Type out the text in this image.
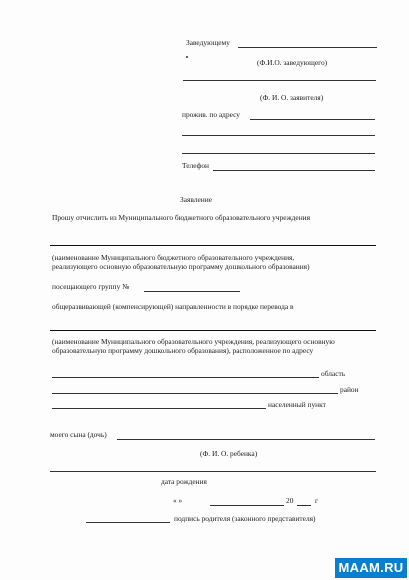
Заведующему
(Ф.И.О. заведующего)
(Ф. И. О. заявителя)
прожив. по адресу
Телефон
Заявление
Прошу отчислить из Муниципального бюджетного образовательного учреждения
(наименование Муниципального бюджетного образовательного учреждения,
реализующего основную образовательную программу дошкольного образования)
посещающего группу №
общеразвивающей (компенсирующей) направленности в порядке перевода в
(наименование Муниципального образовательного учреждения, реализующего основную
образовательную программу дошкольного образования), расположенное по адресу
область
район
населенный пункт
моего сына (дочь)
(Ф. И. О. ребенка)
дата рождения
« »	20	г
подпись родителя (законного представителя)
MAAM.RU
